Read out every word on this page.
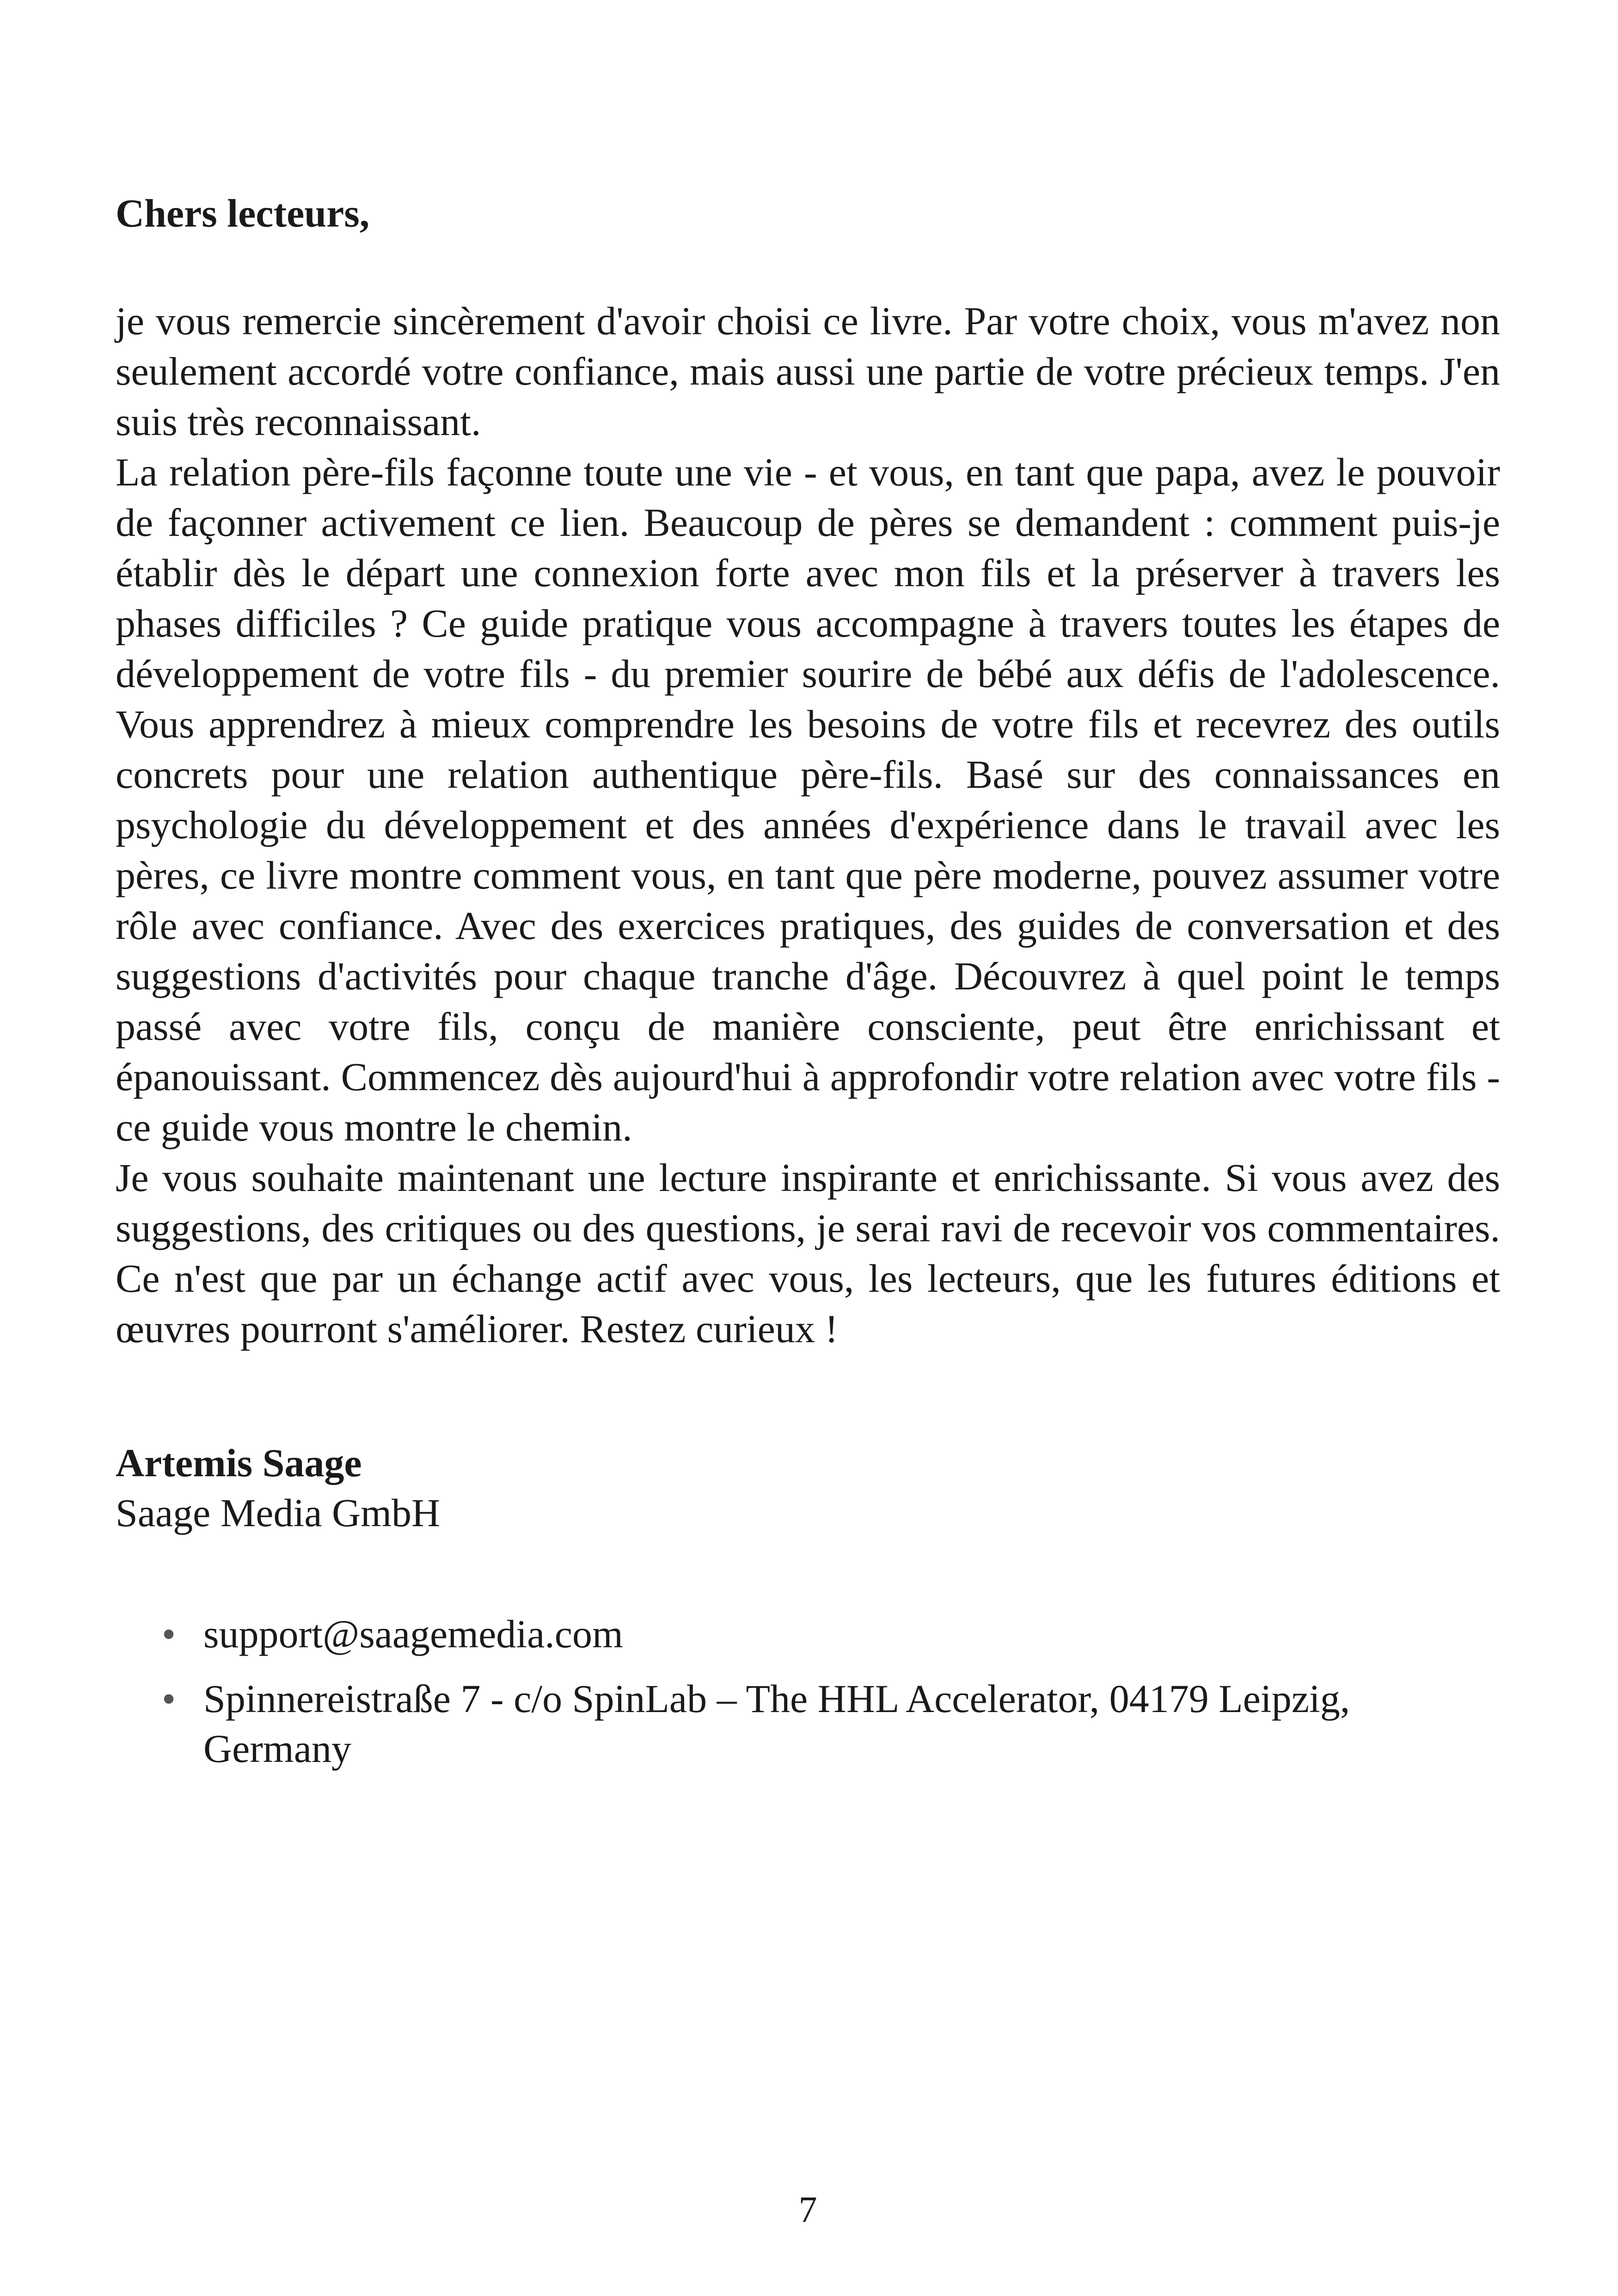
Chers lecteurs,

je vous remercie sincèrement d'avoir choisi ce livre. Par votre choix, vous m'avez non seulement accordé votre confiance, mais aussi une partie de votre précieux temps. J'en suis très reconnaissant.

La relation père-fils façonne toute une vie - et vous, en tant que papa, avez le pouvoir de façonner activement ce lien. Beaucoup de pères se demandent : comment puis-je établir dès le départ une connexion forte avec mon fils et la préserver à travers les phases difficiles ? Ce guide pratique vous accompagne à travers toutes les étapes de développement de votre fils - du premier sourire de bébé aux défis de l'adolescence. Vous apprendrez à mieux comprendre les besoins de votre fils et recevrez des outils concrets pour une relation authentique père-fils. Basé sur des connaissances en psychologie du développement et des années d'expérience dans le travail avec les pères, ce livre montre comment vous, en tant que père moderne, pouvez assumer votre rôle avec confiance. Avec des exercices pratiques, des guides de conversation et des suggestions d'activités pour chaque tranche d'âge. Découvrez à quel point le temps passé avec votre fils, conçu de manière consciente, peut être enrichissant et épanouissant. Commencez dès aujourd'hui à approfondir votre relation avec votre fils - ce guide vous montre le chemin.

Je vous souhaite maintenant une lecture inspirante et enrichissante. Si vous avez des suggestions, des critiques ou des questions, je serai ravi de recevoir vos commentaires. Ce n'est que par un échange actif avec vous, les lecteurs, que les futures éditions et œuvres pourront s'améliorer. Restez curieux !

Artemis Saage
Saage Media GmbH
• support@saagemedia.com
• Spinnereistraße 7 - c/o SpinLab – The HHL Accelerator, 04179 Leipzig, Germany
7
